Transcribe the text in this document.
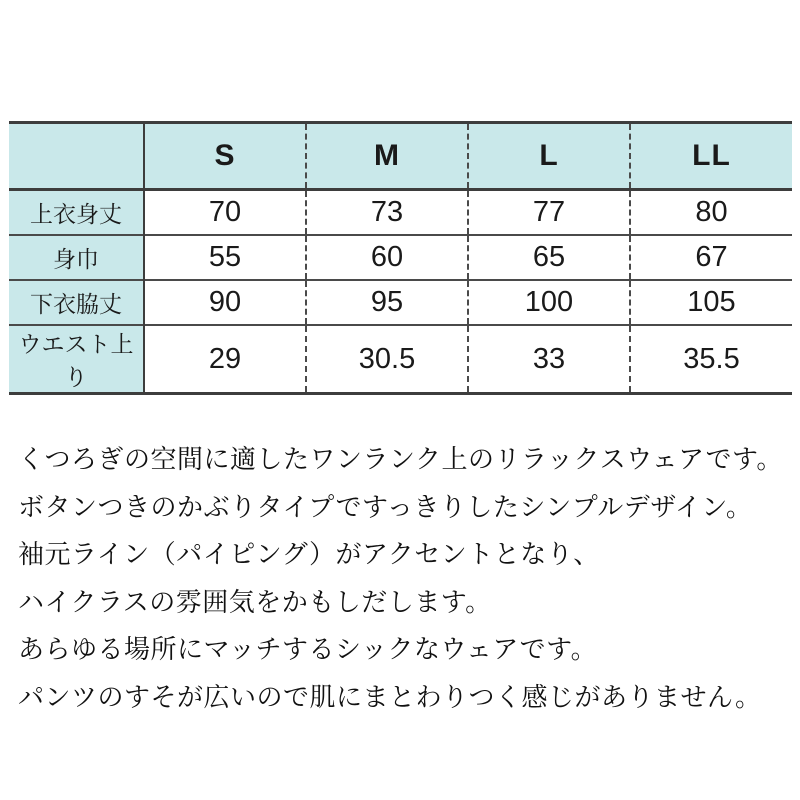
	S	M	L	LL
上衣身丈	70	73	77	80
身巾	55	60	65	67
下衣脇丈	90	95	100	105
ウエスト上り	29	30.5	33	35.5
くつろぎの空間に適したワンランク上のリラックスウェアです。
ボタンつきのかぶりタイプですっきりしたシンプルデザイン。
袖元ライン（パイピング）がアクセントとなり、
ハイクラスの雰囲気をかもしだします。
あらゆる場所にマッチするシックなウェアです。
パンツのすそが広いので肌にまとわりつく感じがありません。
